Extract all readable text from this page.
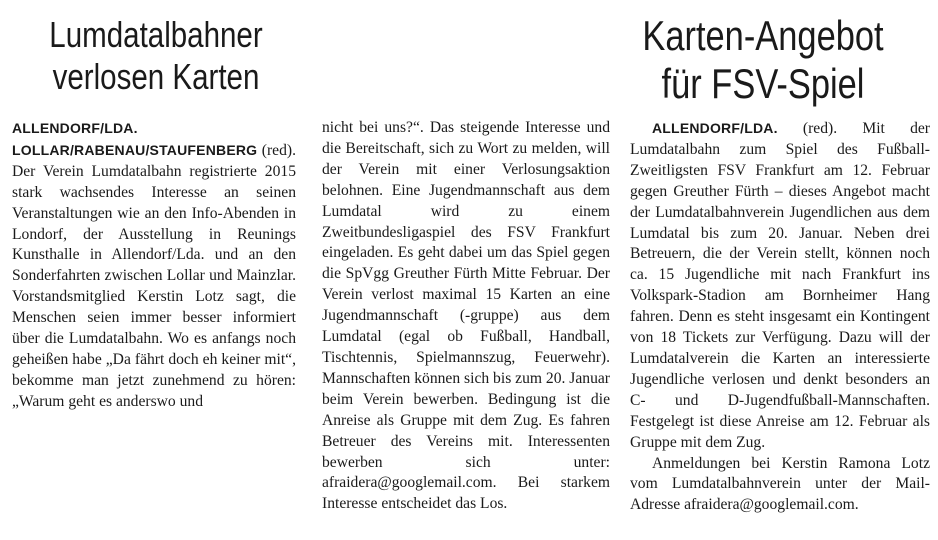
Lumdatalbahner
verlosen Karten
Karten-Angebot
für FSV-Spiel

ALLENDORF/LDA. LOLLAR/RABENAU/STAUFENBERG (red). Der Verein Lumdatalbahn registrierte 2015 stark wachsendes Interesse an seinen Veranstaltungen wie an den Info-Abenden in Londorf, der Ausstellung in Reunings Kunsthalle in Allendorf/Lda. und an den Sonderfahrten zwischen Lollar und Mainzlar. Vorstandsmitglied Kerstin Lotz sagt, die Menschen seien immer besser informiert über die Lumdatalbahn. Wo es anfangs noch geheißen habe „Da fährt doch eh keiner mit“, bekomme man jetzt zunehmend zu hören: „Warum geht es anderswo und

nicht bei uns?“. Das steigende Interesse und die Bereitschaft, sich zu Wort zu melden, will der Verein mit einer Verlosungsaktion belohnen. Eine Jugendmannschaft aus dem Lumdatal wird zu einem Zweitbundesligaspiel des FSV Frankfurt eingeladen. Es geht dabei um das Spiel gegen die SpVgg Greuther Fürth Mitte Februar. Der Verein verlost maximal 15 Karten an eine Jugendmannschaft (-gruppe) aus dem Lumdatal (egal ob Fußball, Handball, Tischtennis, Spielmannszug, Feuerwehr). Mannschaften können sich bis zum 20. Januar beim Verein bewerben. Bedingung ist die Anreise als Gruppe mit dem Zug. Es fahren Betreuer des Vereins mit. Interessenten bewerben sich unter: afraidera@googlemail.com. Bei starkem Interesse entscheidet das Los.

ALLENDORF/LDA. (red). Mit der Lumdatalbahn zum Spiel des Fußball-Zweitligsten FSV Frankfurt am 12. Februar gegen Greuther Fürth – dieses Angebot macht der Lumdatalbahnverein Jugendlichen aus dem Lumdatal bis zum 20. Januar. Neben drei Betreuern, die der Verein stellt, können noch ca. 15 Jugendliche mit nach Frankfurt ins Volkspark-Stadion am Bornheimer Hang fahren. Denn es steht insgesamt ein Kontingent von 18 Tickets zur Verfügung. Dazu will der Lumdatalverein die Karten an interessierte Jugendliche verlosen und denkt besonders an C- und D-Jugendfußball-Mannschaften. Festgelegt ist diese Anreise am 12. Februar als Gruppe mit dem Zug.

Anmeldungen bei Kerstin Ramona Lotz vom Lumdatalbahnverein unter der Mail-Adresse afraidera@googlemail.com.
